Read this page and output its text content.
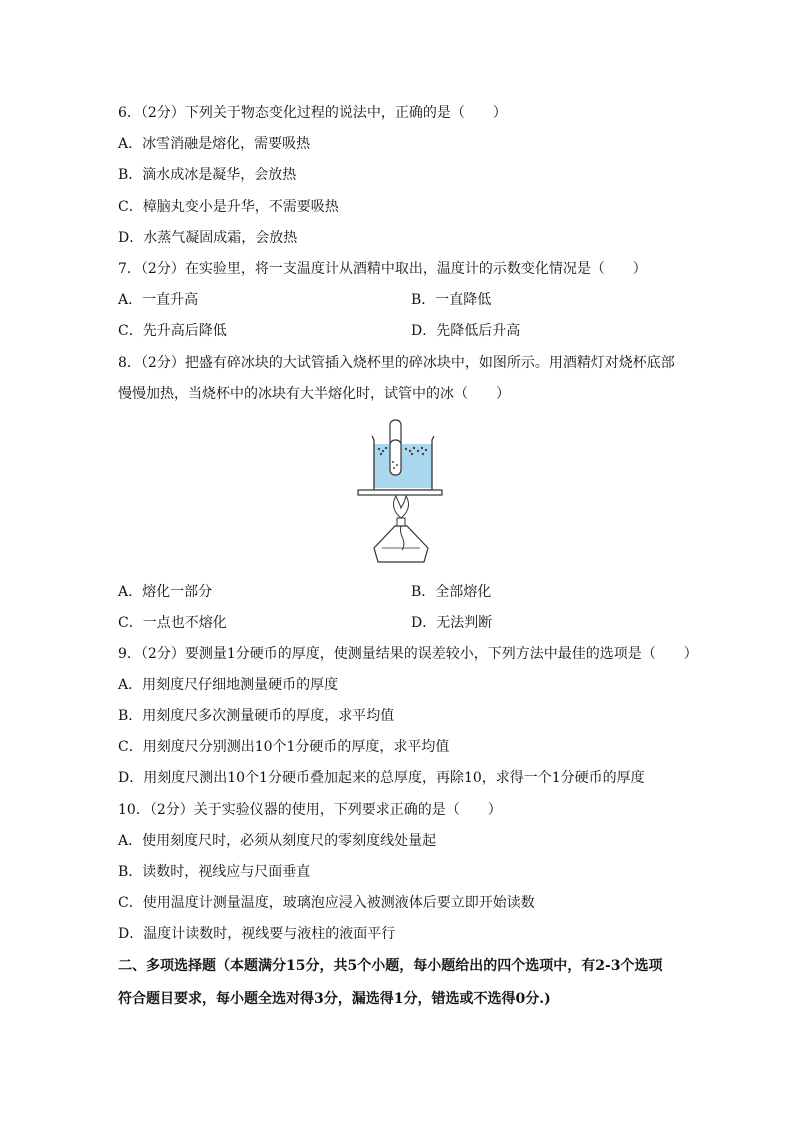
6．（2分）下列关于物态变化过程的说法中，正确的是（　　）
A．冰雪消融是熔化，需要吸热
B．滴水成冰是凝华，会放热
C．樟脑丸变小是升华，不需要吸热
D．水蒸气凝固成霜，会放热
7．（2分）在实验里，将一支温度计从酒精中取出，温度计的示数变化情况是（　　）
A．一直升高	B．一直降低
C．先升高后降低	D．先降低后升高
8．（2分）把盛有碎冰块的大试管插入烧杯里的碎冰块中，如图所示。用酒精灯对烧杯底部
慢慢加热，当烧杯中的冰块有大半熔化时，试管中的冰（　　）
A．熔化一部分	B．全部熔化
C．一点也不熔化	D．无法判断
9．（2分）要测量1分硬币的厚度，使测量结果的误差较小，下列方法中最佳的选项是（　　）
A．用刻度尺仔细地测量硬币的厚度
B．用刻度尺多次测量硬币的厚度，求平均值
C．用刻度尺分别测出10个1分硬币的厚度，求平均值
D．用刻度尺测出10个1分硬币叠加起来的总厚度，再除10，求得一个1分硬币的厚度
10．（2分）关于实验仪器的使用，下列要求正确的是（　　）
A．使用刻度尺时，必须从刻度尺的零刻度线处量起
B．读数时，视线应与尺面垂直
C．使用温度计测量温度，玻璃泡应浸入被测液体后要立即开始读数
D．温度计读数时，视线要与液柱的液面平行
二、多项选择题（本题满分15分，共5个小题，每小题给出的四个选项中，有2-3个选项
符合题目要求，每小题全选对得3分，漏选得1分，错选或不选得0分.)
